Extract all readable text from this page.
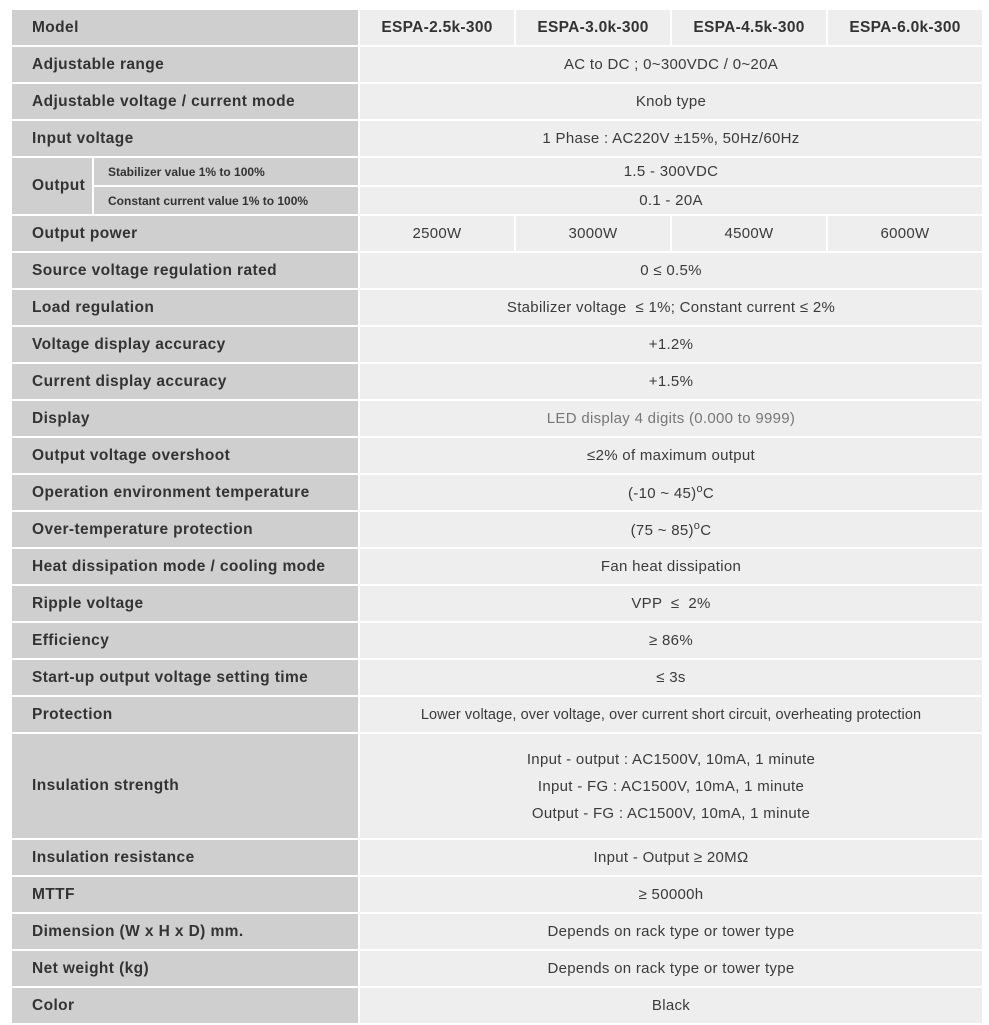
Model		ESPA-2.5k-300	ESPA-3.0k-300	ESPA-4.5k-300	ESPA-6.0k-300
Adjustable range		AC to DC ; 0~300VDC / 0~20A			
Adjustable voltage / current mode		Knob type			
Input voltage		1 Phase : AC220V ±15%, 50Hz/60Hz			
Output	Stabilizer value 1% to 100%	1.5 - 300VDC			
	Constant current value 1% to 100%	0.1 - 20A			
Output power		2500W	3000W	4500W	6000W
Source voltage regulation rated		0 ≤ 0.5%			
Load regulation		Stabilizer voltage  ≤ 1%; Constant current ≤ 2%			
Voltage display accuracy		+1.2%			
Current display accuracy		+1.5%			
Display		LED display 4 digits (0.000 to 9999)			
Output voltage overshoot		≤2% of maximum output			
Operation environment temperature		(-10 ~ 45)$^o$C			
Over-temperature protection		(75 ~ 85)$^o$C			
Heat dissipation mode / cooling mode		Fan heat dissipation			
Ripple voltage		VPP  ≤  2%			
Efficiency		≥ 86%			
Start-up output voltage setting time		≤ 3s			
Protection		Lower voltage, over voltage, over current short circuit, overheating protection			
Insulation strength		Input - output : AC1500V, 10mA, 1 minute
Input - FG : AC1500V, 10mA, 1 minute
Output - FG : AC1500V, 10mA, 1 minute			

Insulation resistance		Input - Output ≥ 20MΩ			
MTTF		≥ 50000h			
Dimension (W x H x D) mm.		Depends on rack type or tower type			
Net weight (kg)		Depends on rack type or tower type			
Color		Black			
